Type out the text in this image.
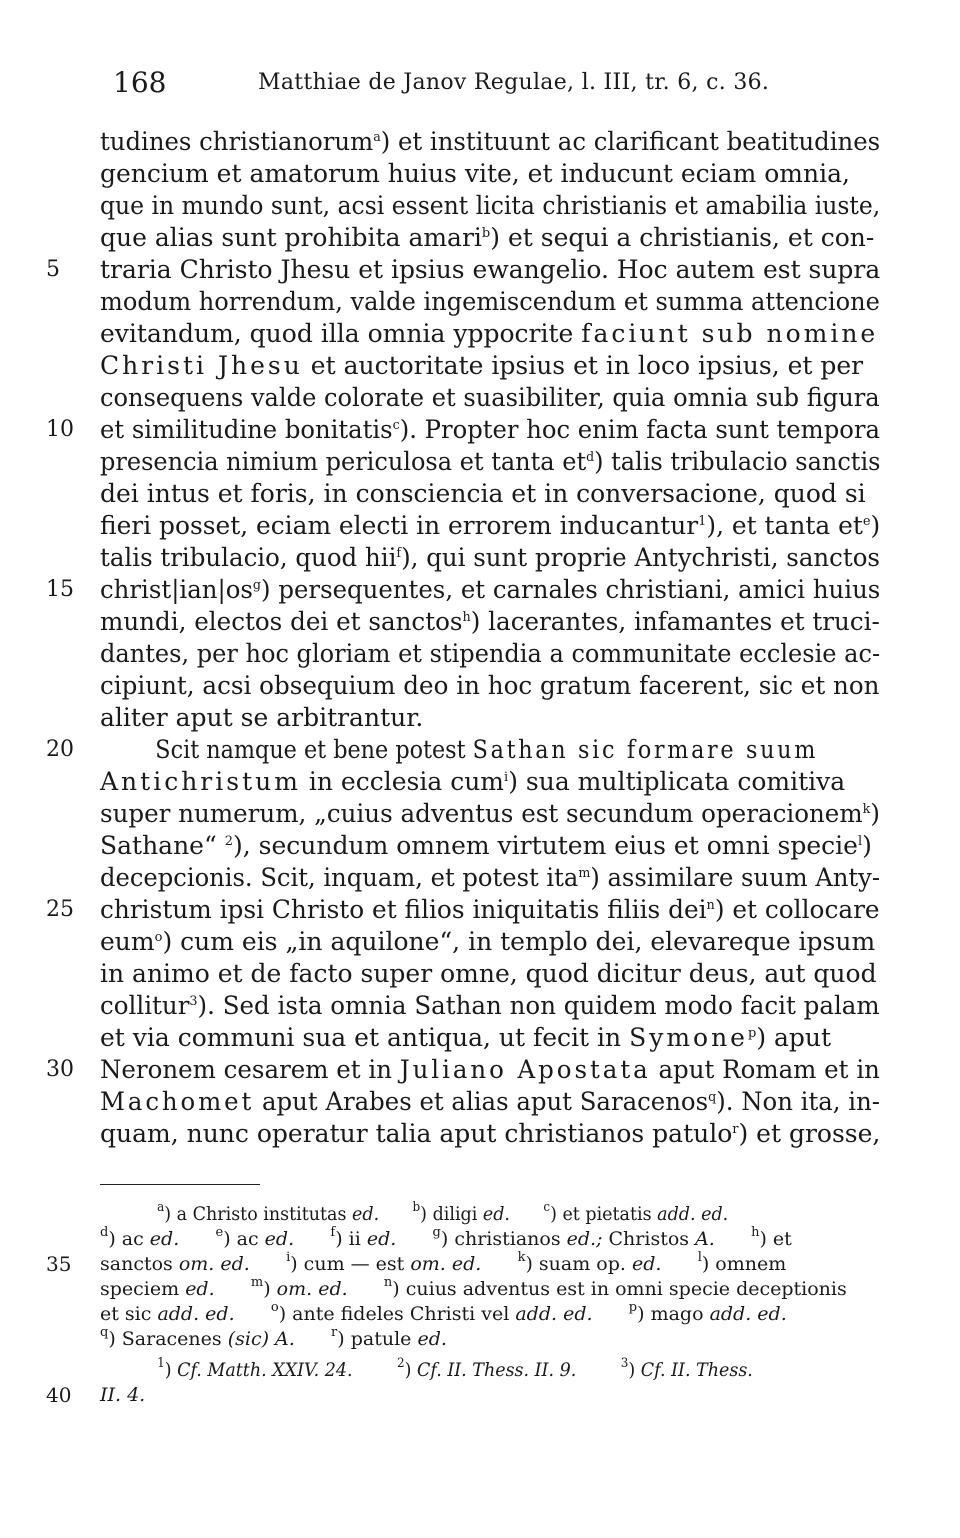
168	Matthiae de Janov Regulae, l. III, tr. 6, c. 36.
tudines christianorum$^a$) et instituunt ac clarificant beatitudines
gencium et amatorum huius vite, et inducunt eciam omnia,
que in mundo sunt, acsi essent licita christianis et amabilia iuste,
que alias sunt prohibita amari$^b$) et sequi a christianis, et con-
5	traria Christo Jhesu et ipsius ewangelio. Hoc autem est supra
modum horrendum, valde ingemiscendum et summa attencione
evitandum, quod illa omnia yppocrite faciunt sub nomine
Christi Jhesu et auctoritate ipsius et in loco ipsius, et per
consequens valde colorate et suasibiliter, quia omnia sub figura
10	et similitudine bonitatis$^c$). Propter hoc enim facta sunt tempora
presencia nimium periculosa et tanta $et^d$) talis tribulacio sanctis
dei intus et foris, in consciencia et in conversacione, quod si
fieri posset, eciam electi in errorem inducantur$^1$), et tanta $et^e$)
talis tribulacio, quod hii$^f$), qui sunt proprie Antychristi, sanctos
15	$christ|ian|os^g$) persequentes, et carnales christiani, amici huius
mundi, electos dei et sanctos$^h$) lacerantes, infamantes et truci-
dantes, per hoc gloriam et stipendia a communitate ecclesie ac-
cipiunt, acsi obsequium deo in hoc gratum facerent, sic et non
aliter aput se arbitrantur.
20	Scit namque et bene potest Sathan sic formare suum
Antichristum in ecclesia cum$^i$) sua multiplicata comitiva
super numerum, „cuius adventus est secundum operacionem$^k$)
Sathane“ $^2$), secundum omnem virtutem eius et omni specie$^l$)
decepcionis. Scit, inquam, et potest ita$^m$) assimilare suum Anty-
25	christum ipsi Christo et filios iniquitatis filiis dei$^n$) et collocare
eum$^o$) cum eis „in aquilone“, in templo dei, elevareque ipsum
in animo et de facto super omne, quod dicitur deus, aut quod
collitur$^3$). Sed ista omnia Sathan non quidem modo facit palam
et via communi sua et antiqua, ut fecit in Symone$^p$) aput
30	Neronem cesarem et in Juliano Apostata aput Romam et in
Machomet aput Arabes et alias aput Saracenos$^q$). Non ita, in-
quam, nunc operatur talia aput christianos patulo$^r$) et grosse,
$^a$) a Christo institutas ed.	$^b$) diligi ed.	$^c$) et pietatis add. ed.
$^d$) ac ed.	$^e$) ac ed.	$^f$) ii ed.	$^g$) christianos ed.; Christos A.	$^h$) et
35 sanctos om. ed.	$^i$) cum — est om. ed.	$^k$) suam op. ed.	$^l$) omnem
speciem ed.	$^m$) om. ed.	$^n$) cuius adventus est in omni specie deceptionis
et sic add. ed.	$^o$) ante fideles Christi vel add. ed.	$^p$) mago add. ed.
$^q$) Saracenes (sic) A.	$^r$) patule ed.
$^1$) Cf. Matth. XXIV. 24.	$^2$) Cf. II. Thess. II. 9.	$^3$) Cf. II. Thess.
40 II. 4.
